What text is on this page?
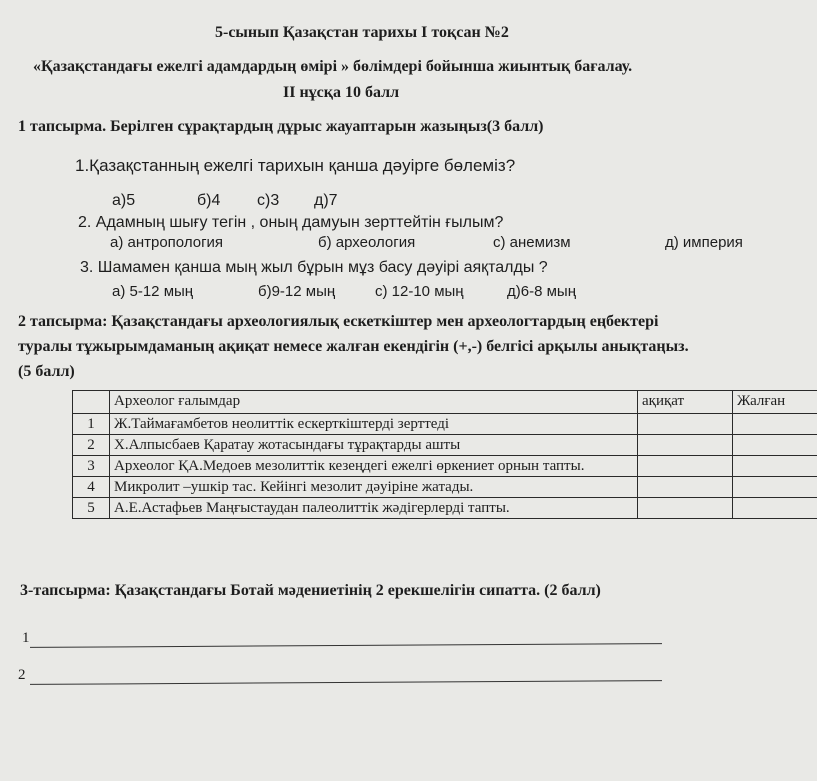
5-сынып Қазақстан тарихы І тоқсан №2
«Қазақстандағы ежелгі адамдардың өмірі » бөлімдері бойынша жиынтық бағалау.
ІІ нұсқа 10 балл
1 тапсырма. Берілген сұрақтардың дұрыс жауаптарын жазыңыз(3 балл)
1.Қазақстанның ежелгі тарихын қанша дәуірге бөлеміз?
а)5	б)4 с)3 д)7
2. Адамның шығу тегін , оның дамуын зерттейтін ғылым?
а) антропология	б) археология	с) анемизм	д) империя
3. Шамамен қанша мың жыл бұрын мұз басу дәуірі аяқталды ?
а) 5-12 мың	б)9-12 мың	с) 12-10 мың	д)6-8 мың
2 тапсырма: Қазақстандағы археологиялық ескеткіштер мен археологтардың еңбектері
туралы тұжырымдаманың ақиқат немесе жалған екендігін (+,-) белгісі арқылы анықтаңыз.
(5 балл)
	Археолог ғалымдар	ақиқат	Жалған
1	Ж.Таймағамбетов неолиттік ескерткіштерді зерттеді		
2	Х.Алпысбаев Қаратау жотасындағы тұрақтарды ашты		
3	Археолог ҚА.Медоев мезолиттік кезеңдегі ежелгі өркениет орнын тапты.		
4	Микролит –ушкір тас. Кейінгі мезолит дәуіріне жатады.		
5	А.Е.Астафьев Маңғыстаудан палеолиттік жәдігерлерді тапты.		
3-тапсырма: Қазақстандағы Ботай мәдениетінің 2 ерекшелігін сипатта. (2 балл)
1
2
